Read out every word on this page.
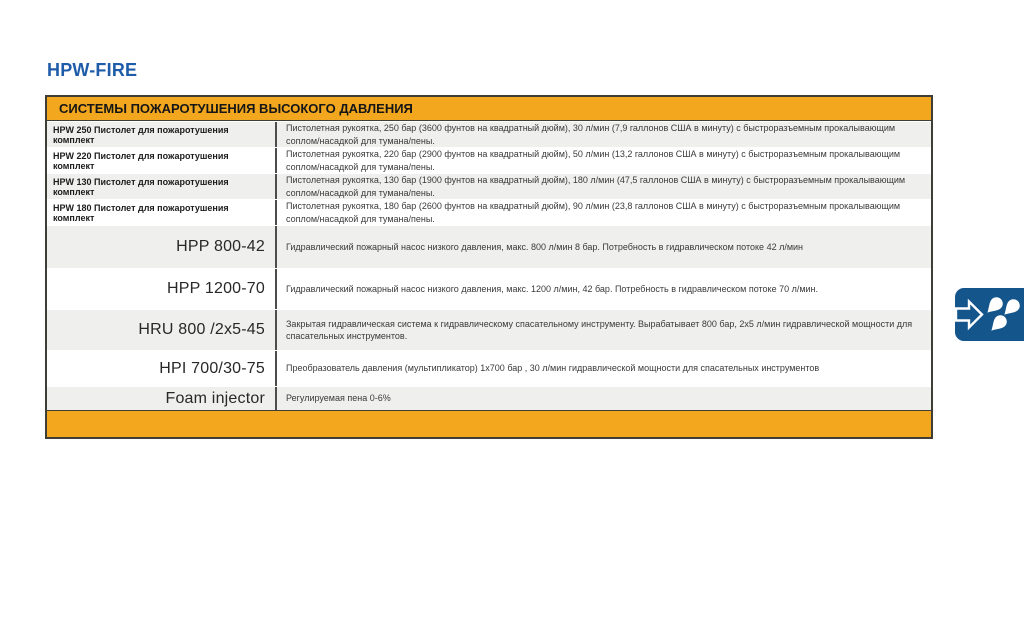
HPW-FIRE
СИСТЕМЫ ПОЖАРОТУШЕНИЯ ВЫСОКОГО ДАВЛЕНИЯ
HPW 250 Пистолет для пожаротушения комплект
Пистолетная рукоятка, 250 бар (3600 фунтов на квадратный дюйм), 30 л/мин (7,9 галлонов США в минуту) с быстроразъемным прокалывающим соплом/насадкой для тумана/пены.
HPW 220 Пистолет для пожаротушения комплект
Пистолетная рукоятка, 220 бар (2900 фунтов на квадратный дюйм), 50 л/мин (13,2 галлонов США в минуту) с быстроразъемным прокалывающим соплом/насадкой для тумана/пены.
HPW 130 Пистолет для пожаротушения комплект
Пистолетная рукоятка, 130 бар (1900 фунтов на квадратный дюйм), 180 л/мин (47,5 галлонов США в минуту) с быстроразъемным прокалывающим соплом/насадкой для тумана/пены.
HPW 180 Пистолет для пожаротушения комплект
Пистолетная рукоятка, 180 бар (2600 фунтов на квадратный дюйм), 90 л/мин (23,8 галлонов США в минуту) с быстроразъемным прокалывающим соплом/насадкой для тумана/пены.
HPP 800-42 Гидравлический пожарный насос низкого давления, макс. 800 л/мин 8 бар. Потребность в гидравлическом потоке 42 л/мин
HPP 1200-70 Гидравлический пожарный насос низкого давления, макс. 1200 л/мин, 42 бар. Потребность в гидравлическом потоке 70 л/мин.
HRU 800 /2x5-45 Закрытая гидравлическая система к гидравлическому спасательному инструменту. Вырабатывает 800 бар, 2х5 л/мин гидравлической мощности для спасательных инструментов.
HPI 700/30-75 Преобразователь давления (мультипликатор) 1х700 бар , 30 л/мин гидравлической мощности для спасательных инструментов
Foam injector Регулируемая пена 0-6%
